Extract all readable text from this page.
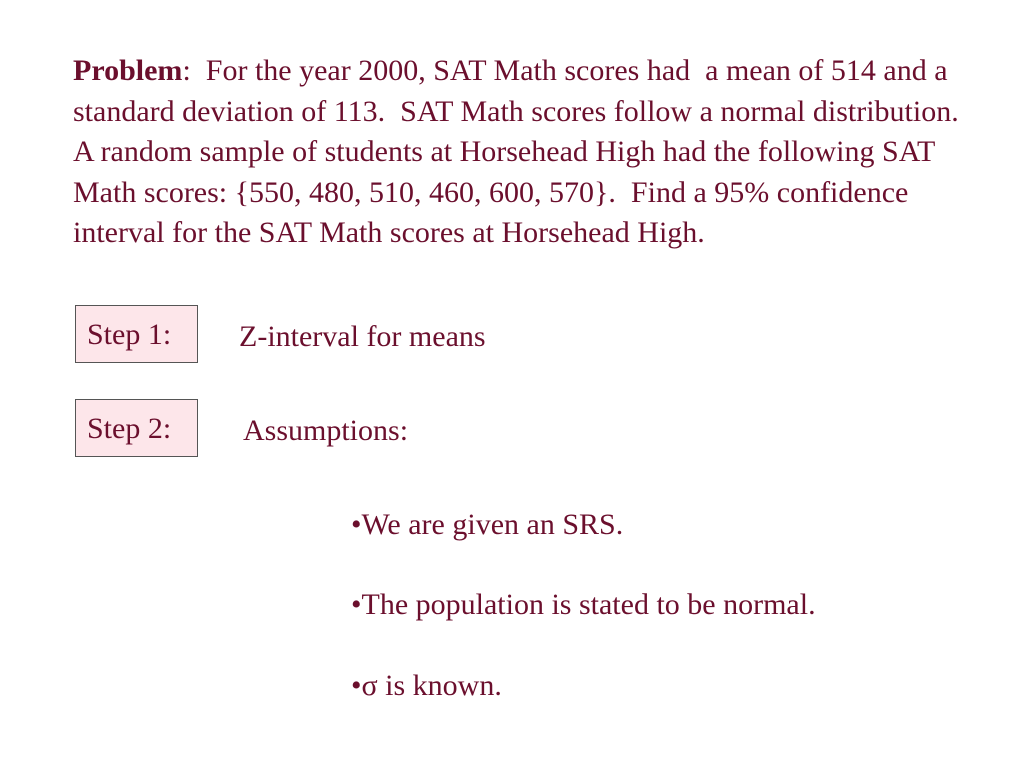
Problem:  For the year 2000, SAT Math scores had  a mean of 514 and a standard deviation of 113.  SAT Math scores follow a normal distribution.  A random sample of students at Horsehead High had the following SAT Math scores: {550, 480, 510, 460, 600, 570}.  Find a 95% confidence interval for the SAT Math scores at Horsehead High.
Step 1:	Z-interval for means
Step 2:	Assumptions:
•We are given an SRS.
•The population is stated to be normal.
•σ is known.
